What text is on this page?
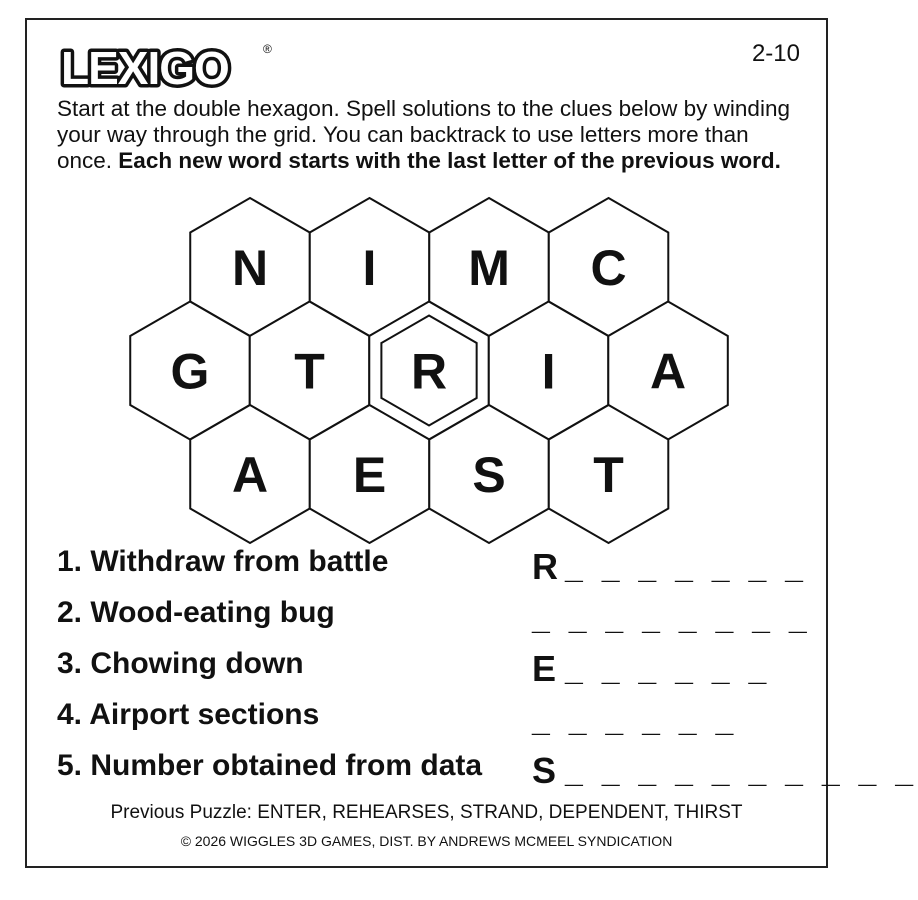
LEXIGO	®	2-10
Start at the double hexagon. Spell solutions to the clues below by winding your way through the grid. You can backtrack to use letters more than once. Each new word starts with the last letter of the previous word.
N I M C
G T R I A
A E S T
1. Withdraw from battle	R _ _ _ _ _ _ _
2. Wood-eating bug	_ _ _ _ _ _ _ _
3. Chowing down	E _ _ _ _ _ _
4. Airport sections	_ _ _ _ _ _
5. Number obtained from data S _ _ _ _ _ _ _ _ _ _
Previous Puzzle: ENTER, REHEARSES, STRAND, DEPENDENT, THIRST
© 2026 WIGGLES 3D GAMES, DIST. BY ANDREWS MCMEEL SYNDICATION
